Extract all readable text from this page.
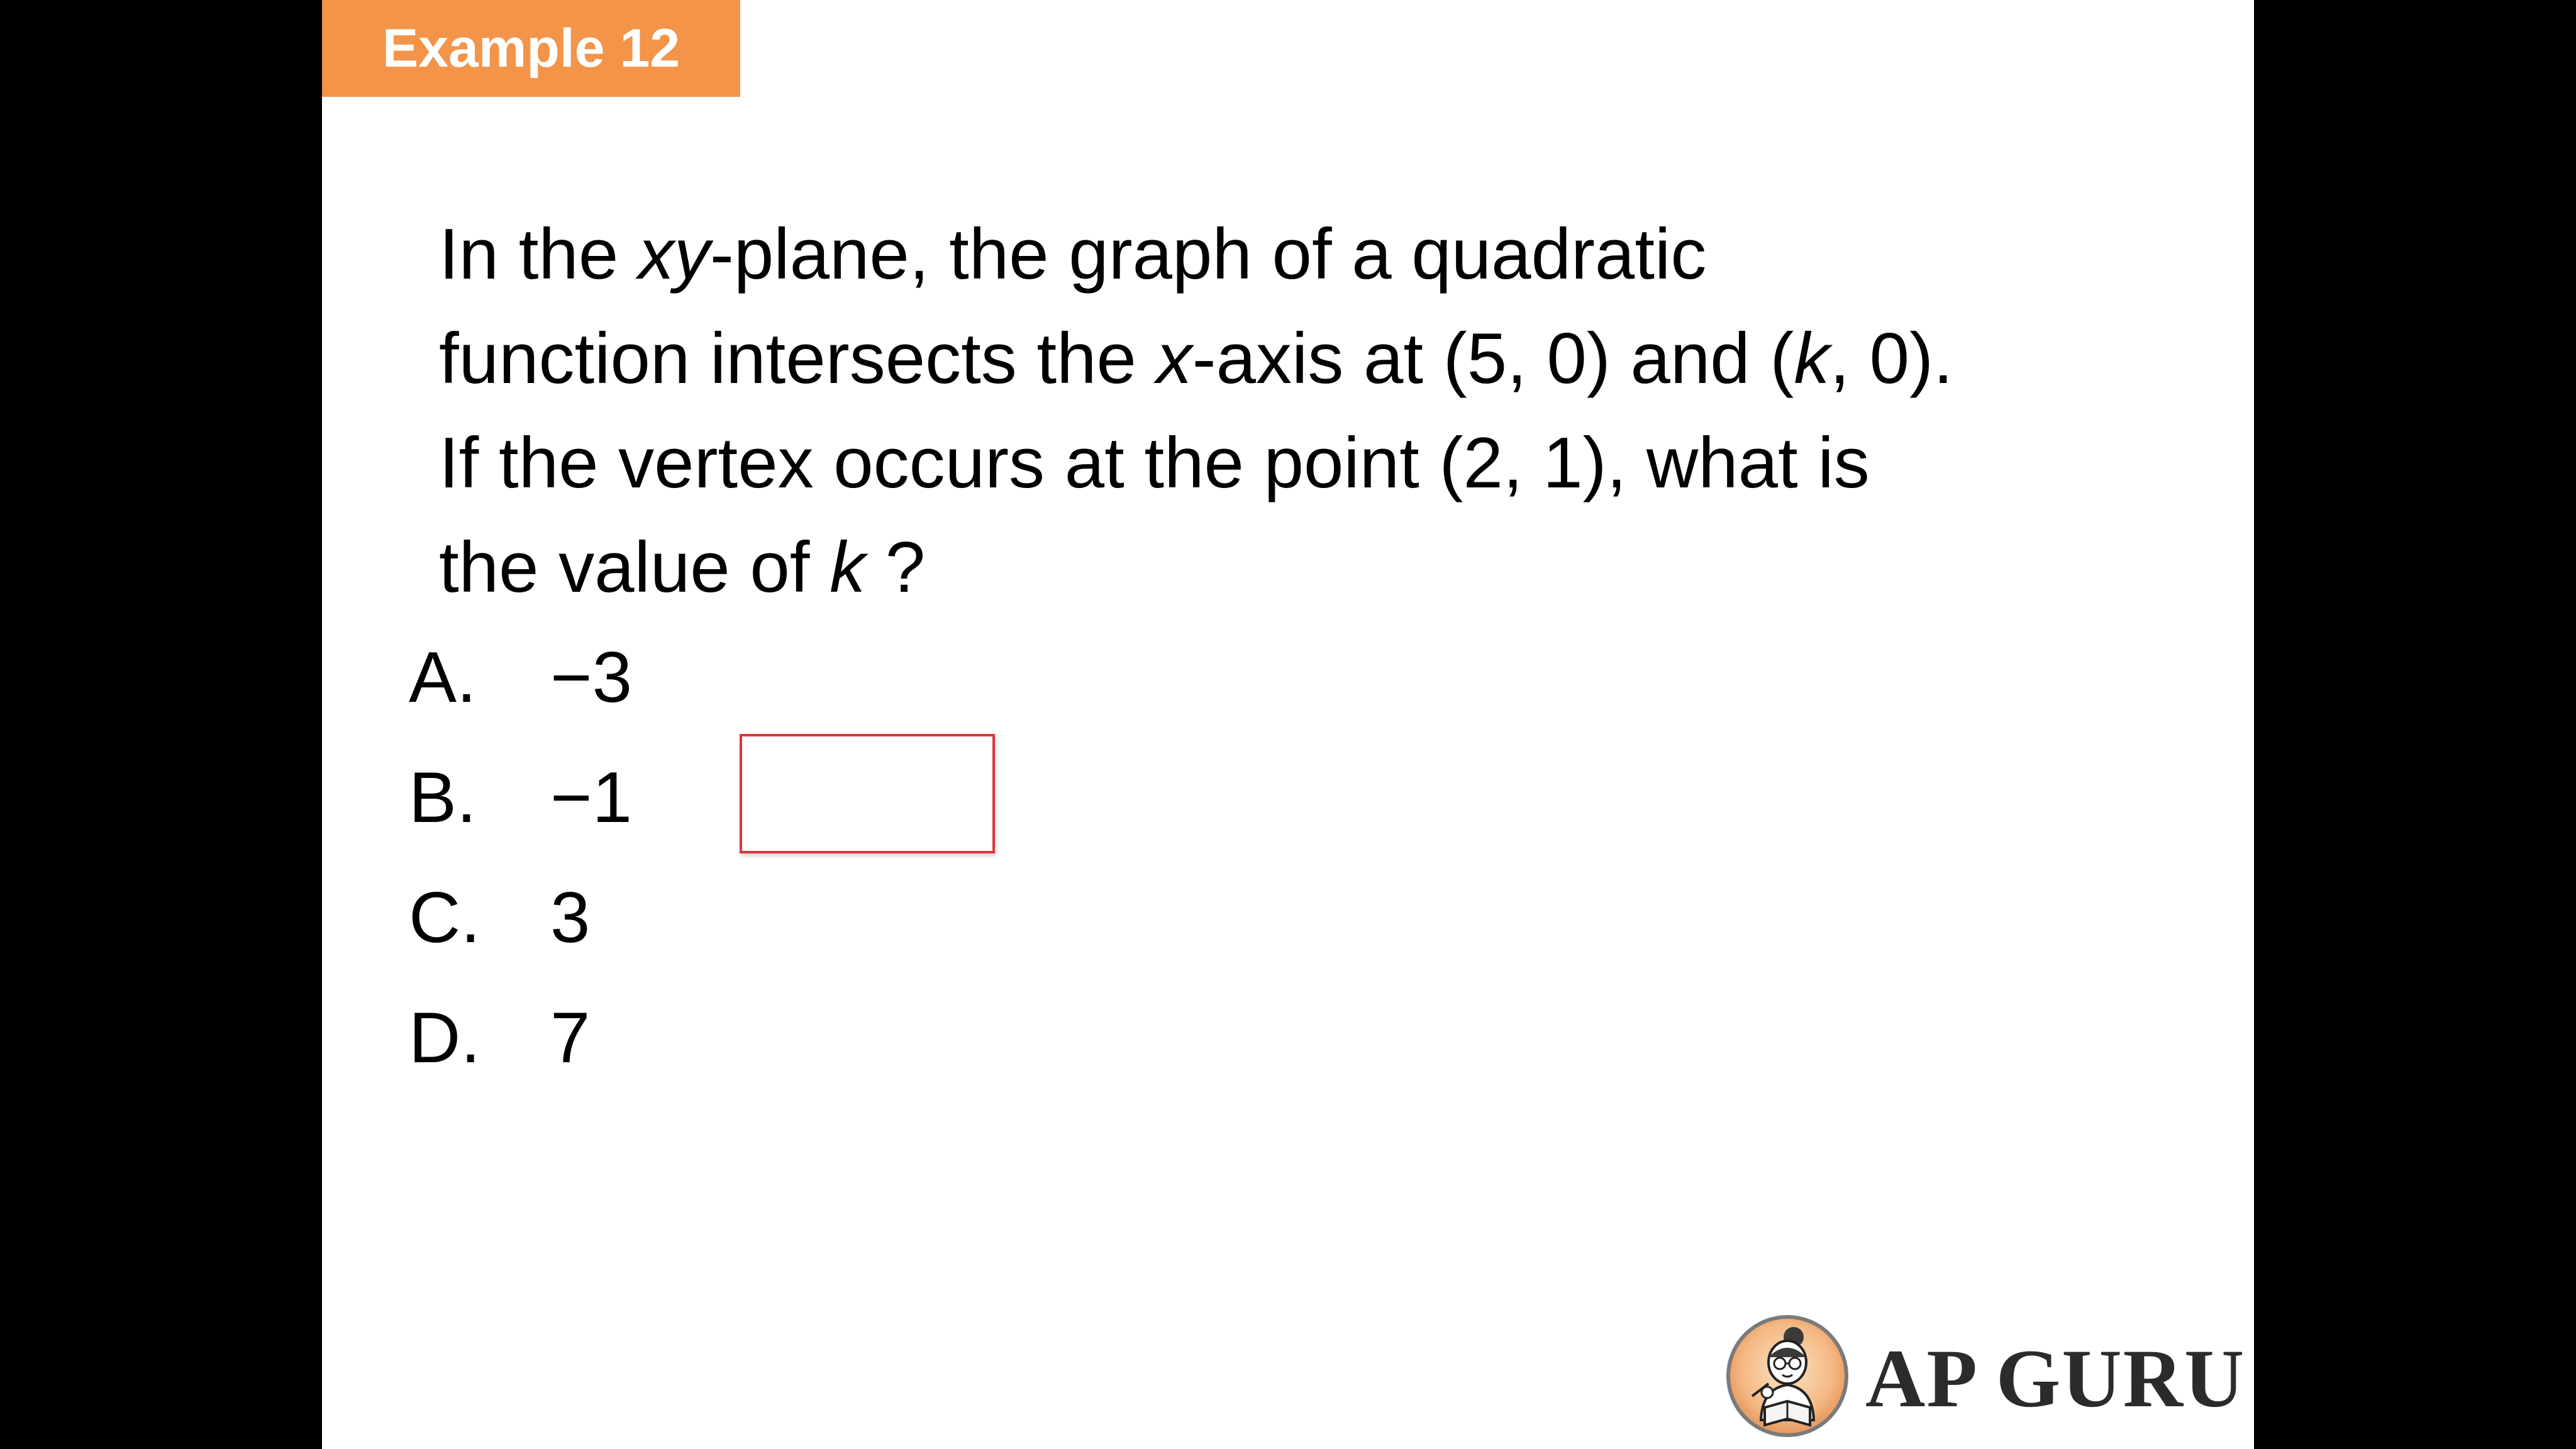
Example 12

In the xy-plane, the graph of a quadratic
function intersects the x-axis at (5, 0) and (k, 0).
If the vertex occurs at the point (2, 1), what is
the value of k ?

A. −3
B. −1
C. 3
D. 7
AP GURU
